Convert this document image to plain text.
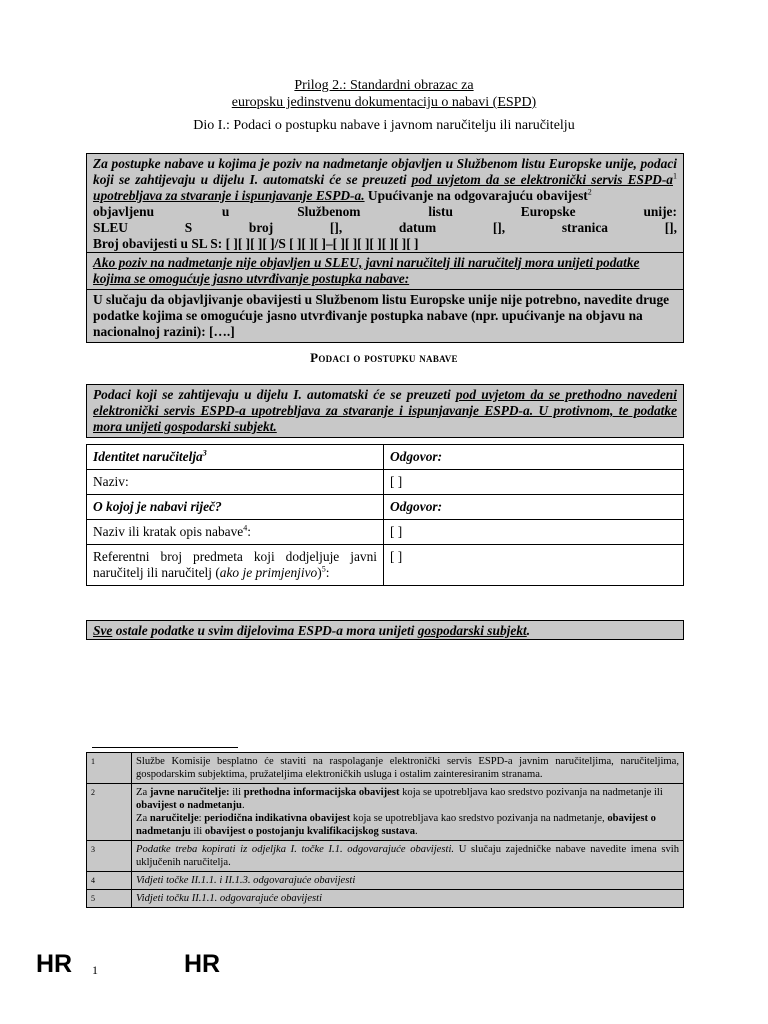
Prilog 2.: Standardni obrazac za
europsku jedinstvenu dokumentaciju o nabavi (ESPD)
Dio I.: Podaci o postupku nabave i javnom naručitelju ili naručitelju
Za postupke nabave u kojima je poziv na nadmetanje objavljen u Službenom listu Europske unije, podaci koji se zahtijevaju u dijelu I. automatski će se preuzeti pod uvjetom da se elektronički servis ESPD-$a^1$ upotrebljava za stvaranje i ispunjavanje ESPD-a. Upućivanje na odgovarajuću obavijest$^2$
objavljenu	u	Službenom	listu	Europske	unije:
SLEU	S	broj	[],	datum	[],	stranica	[],
Broj obavijesti u SL S: [ ][ ][ ][ ]/S [ ][ ][ ]–[ ][ ][ ][ ][ ][ ][ ]
Ako poziv na nadmetanje nije objavljen u SLEU, javni naručitelj ili naručitelj mora unijeti podatke kojima se omogućuje jasno utvrđivanje postupka nabave:
U slučaju da objavljivanje obavijesti u Službenom listu Europske unije nije potrebno, navedite druge podatke kojima se omogućuje jasno utvrđivanje postupka nabave (npr. upućivanje na objavu na nacionalnoj razini): [….]
Podaci o postupku nabave
Podaci koji se zahtijevaju u dijelu I. automatski će se preuzeti pod uvjetom da se prethodno navedeni elektronički servis ESPD-a upotrebljava za stvaranje i ispunjavanje ESPD-a. U protivnom, te podatke mora unijeti gospodarski subjekt.
Identitet naručitelja$^3$	Odgovor:
Naziv:	[ ]
O kojoj je nabavi riječ?	Odgovor:
Naziv ili kratak opis nabave$^4$:	[ ]
Referentni broj predmeta koji dodjeljuje javni naručitelj ili naručitelj (ako je primjenjivo)$^5$:	[ ]
Sve ostale podatke u svim dijelovima ESPD-a mora unijeti gospodarski subjekt.
1	Službe Komisije besplatno će staviti na raspolaganje elektronički servis ESPD-a javnim naručiteljima, naručiteljima, gospodarskim subjektima, pružateljima elektroničkih usluga i ostalim zainteresiranim stranama.
2	Za javne naručitelje: ili prethodna informacijska obavijest koja se upotrebljava kao sredstvo pozivanja na nadmetanje ili obavijest o nadmetanju.
Za naručitelje: periodična indikativna obavijest koja se upotrebljava kao sredstvo pozivanja na nadmetanje, obavijest o nadmetanju ili obavijest o postojanju kvalifikacijskog sustava.
3	Podatke treba kopirati iz odjeljka I. točke I.1. odgovarajuće obavijesti. U slučaju zajedničke nabave navedite imena svih uključenih naručitelja.
4	Vidjeti točke II.1.1. i II.1.3. odgovarajuće obavijesti
5	Vidjeti točku II.1.1. odgovarajuće obavijesti
HR 1	HR
